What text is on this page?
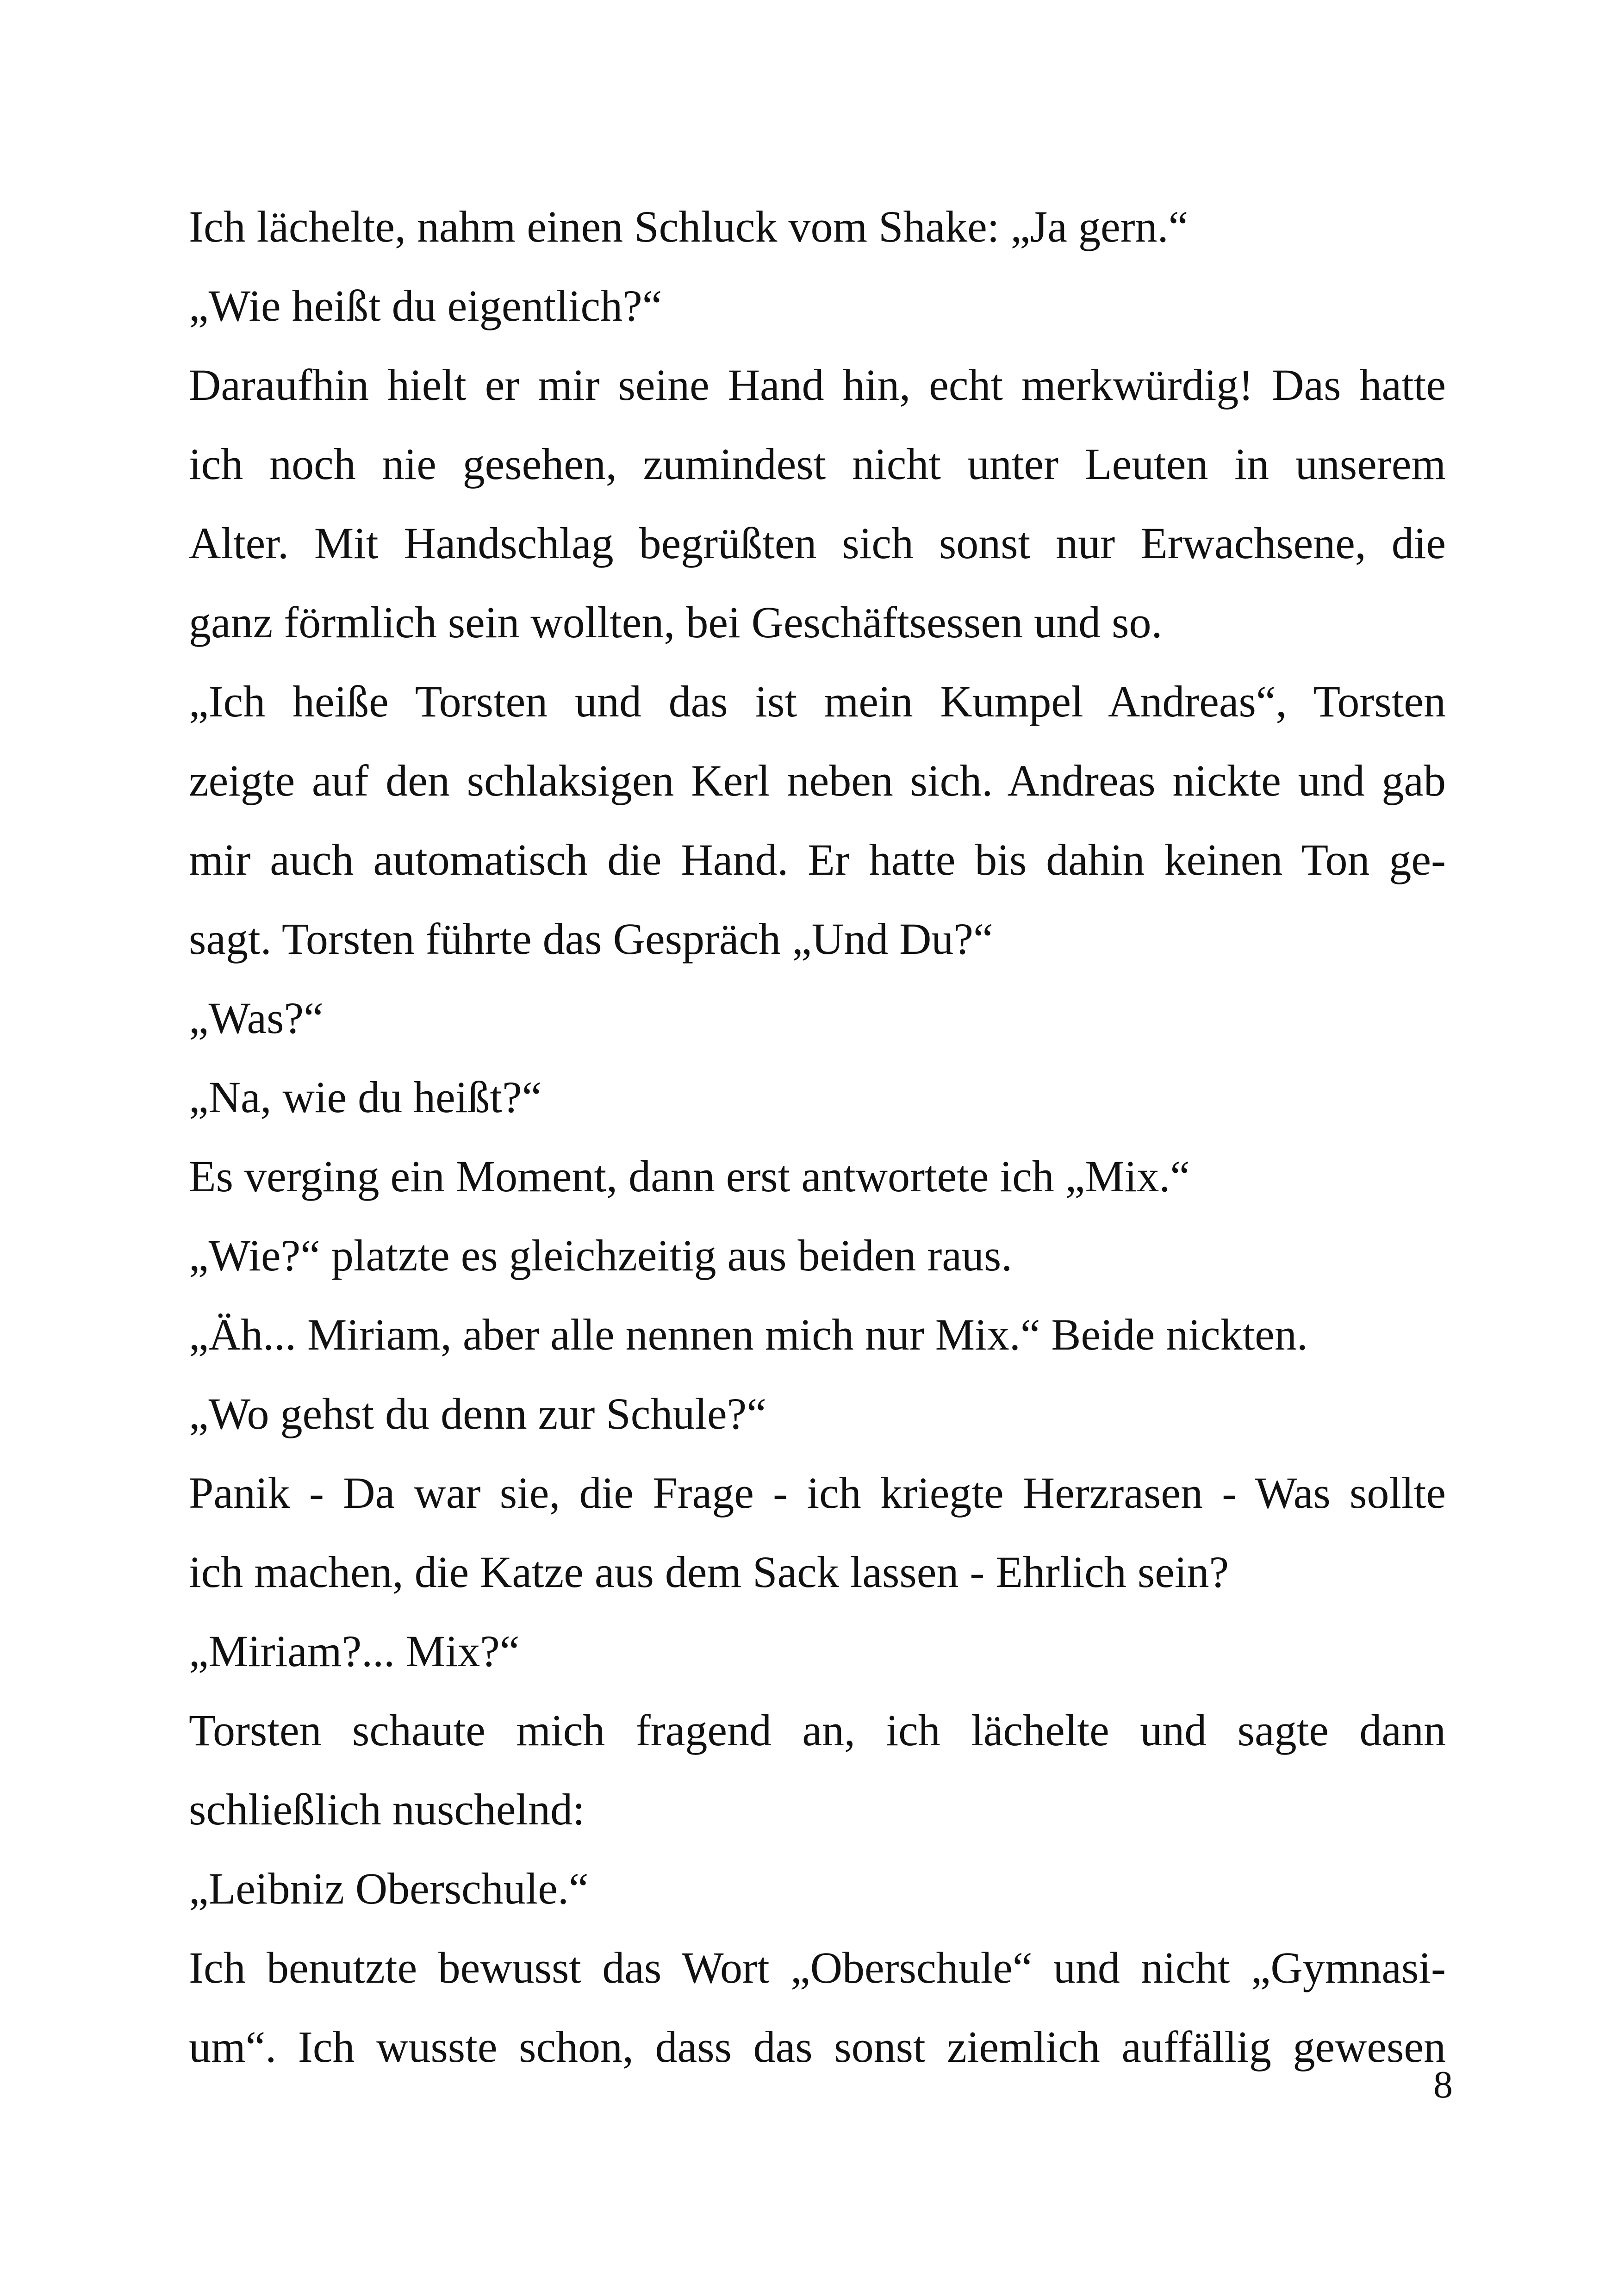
Ich lächelte, nahm einen Schluck vom Shake: „Ja gern.“
„Wie heißt du eigentlich?“
Daraufhin hielt er mir seine Hand hin, echt merkwürdig! Das hatte
ich noch nie gesehen, zumindest nicht unter Leuten in unserem
Alter. Mit Handschlag begrüßten sich sonst nur Erwachsene, die
ganz förmlich sein wollten, bei Geschäftsessen und so.
„Ich heiße Torsten und das ist mein Kumpel Andreas“, Torsten
zeigte auf den schlaksigen Kerl neben sich. Andreas nickte und gab
mir auch automatisch die Hand. Er hatte bis dahin keinen Ton ge-
sagt. Torsten führte das Gespräch „Und Du?“
„Was?“
„Na, wie du heißt?“
Es verging ein Moment, dann erst antwortete ich „Mix.“
„Wie?“ platzte es gleichzeitig aus beiden raus.
„Äh... Miriam, aber alle nennen mich nur Mix.“ Beide nickten.
„Wo gehst du denn zur Schule?“
Panik - Da war sie, die Frage - ich kriegte Herzrasen - Was sollte
ich machen, die Katze aus dem Sack lassen - Ehrlich sein?
„Miriam?... Mix?“
Torsten schaute mich fragend an, ich lächelte und sagte dann
schließlich nuschelnd:
„Leibniz Oberschule.“
Ich benutzte bewusst das Wort „Oberschule“ und nicht „Gymnasi-
um“. Ich wusste schon, dass das sonst ziemlich auffällig gewesen
8
